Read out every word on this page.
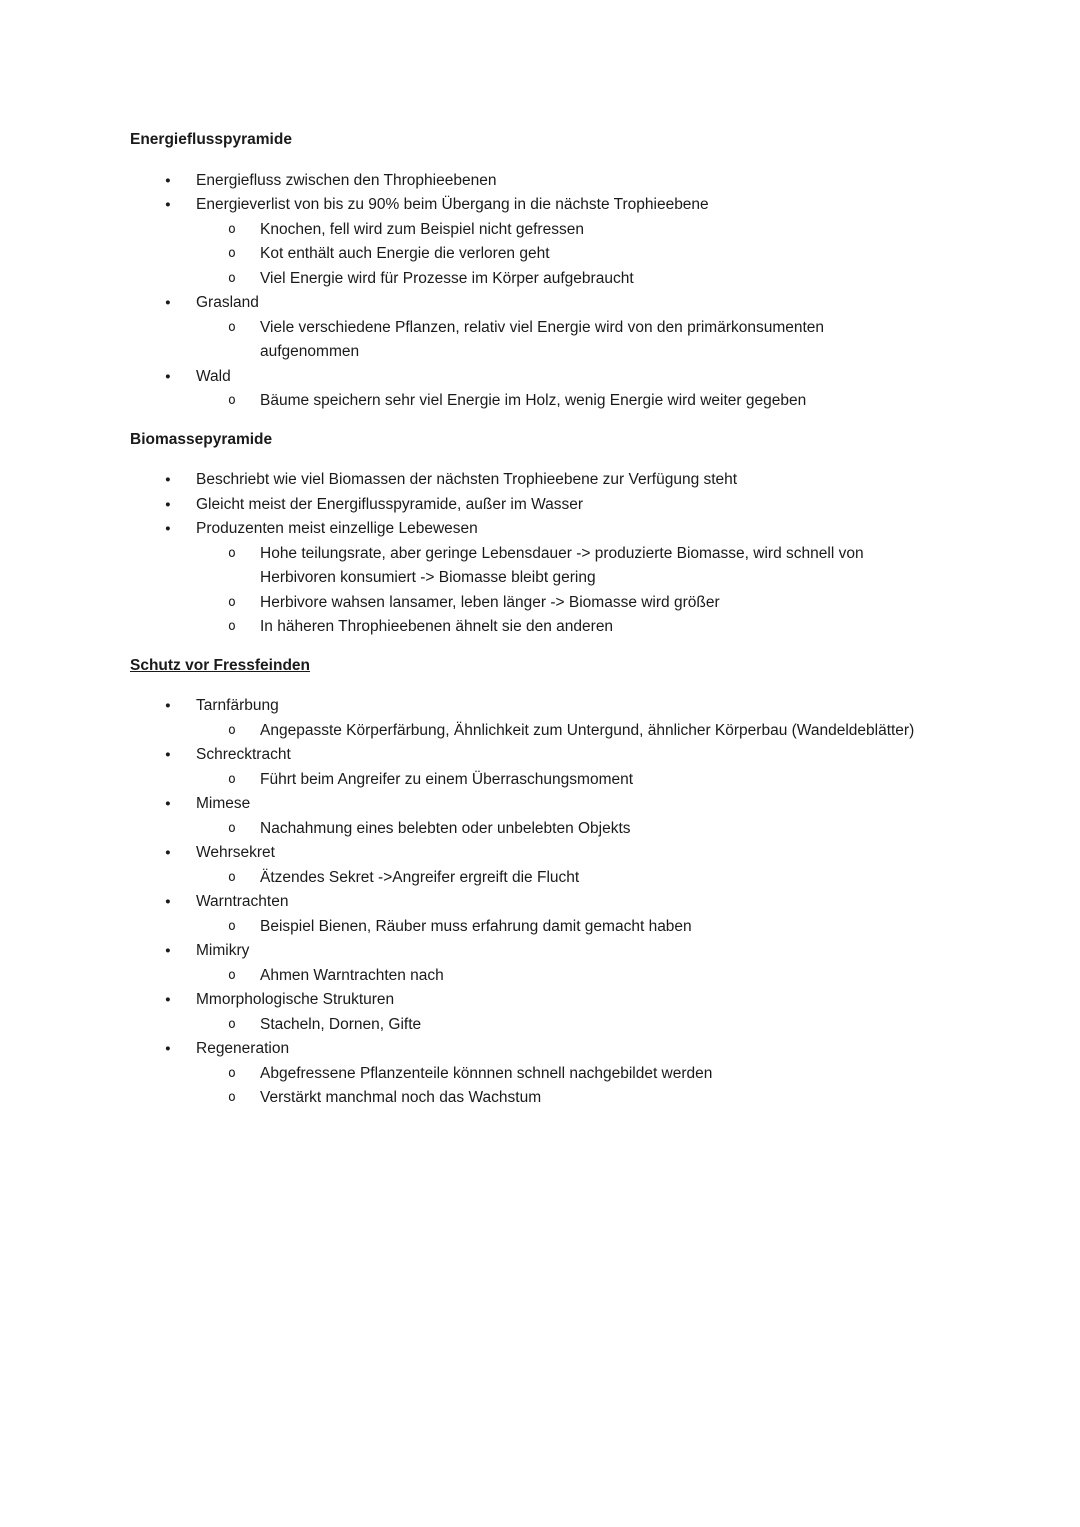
Energieflusspyramide
●	Energiefluss zwischen den Throphieebenen
●	Energieverlist von bis zu 90% beim Übergang in die nächste Trophieebene
o	Knochen, fell wird zum Beispiel nicht gefressen
o	Kot enthält auch Energie die verloren geht
o	Viel Energie wird für Prozesse im Körper aufgebraucht
●	Grasland
o	Viele verschiedene Pflanzen, relativ viel Energie wird von den primärkonsumenten aufgenommen
●	Wald
o	Bäume speichern sehr viel Energie im Holz, wenig Energie wird weiter gegeben
Biomassepyramide
●	Beschriebt wie viel Biomassen der nächsten Trophieebene zur Verfügung steht
●	Gleicht meist der Energiflusspyramide, außer im Wasser
●	Produzenten meist einzellige Lebewesen
o	Hohe teilungsrate, aber geringe Lebensdauer -> produzierte Biomasse, wird schnell von Herbivoren konsumiert -> Biomasse bleibt gering
o	Herbivore wahsen lansamer, leben länger -> Biomasse wird größer
o	In häheren Throphieebenen ähnelt sie den anderen
Schutz vor Fressfeinden
●	Tarnfärbung
o	Angepasste Körperfärbung, Ähnlichkeit zum Untergund, ähnlicher Körperbau (Wandeldeblätter)
●	Schrecktracht
o	Führt beim Angreifer zu einem Überraschungsmoment
●	Mimese
o	Nachahmung eines belebten oder unbelebten Objekts
●	Wehrsekret
o	Ätzendes Sekret ->Angreifer ergreift die Flucht
●	Warntrachten
o	Beispiel Bienen, Räuber muss erfahrung damit gemacht haben
●	Mimikry
o	Ahmen Warntrachten nach
●	Mmorphologische Strukturen
o	Stacheln, Dornen, Gifte
●	Regeneration
o	Abgefressene Pflanzenteile könnnen schnell nachgebildet werden
o	Verstärkt manchmal noch das Wachstum
